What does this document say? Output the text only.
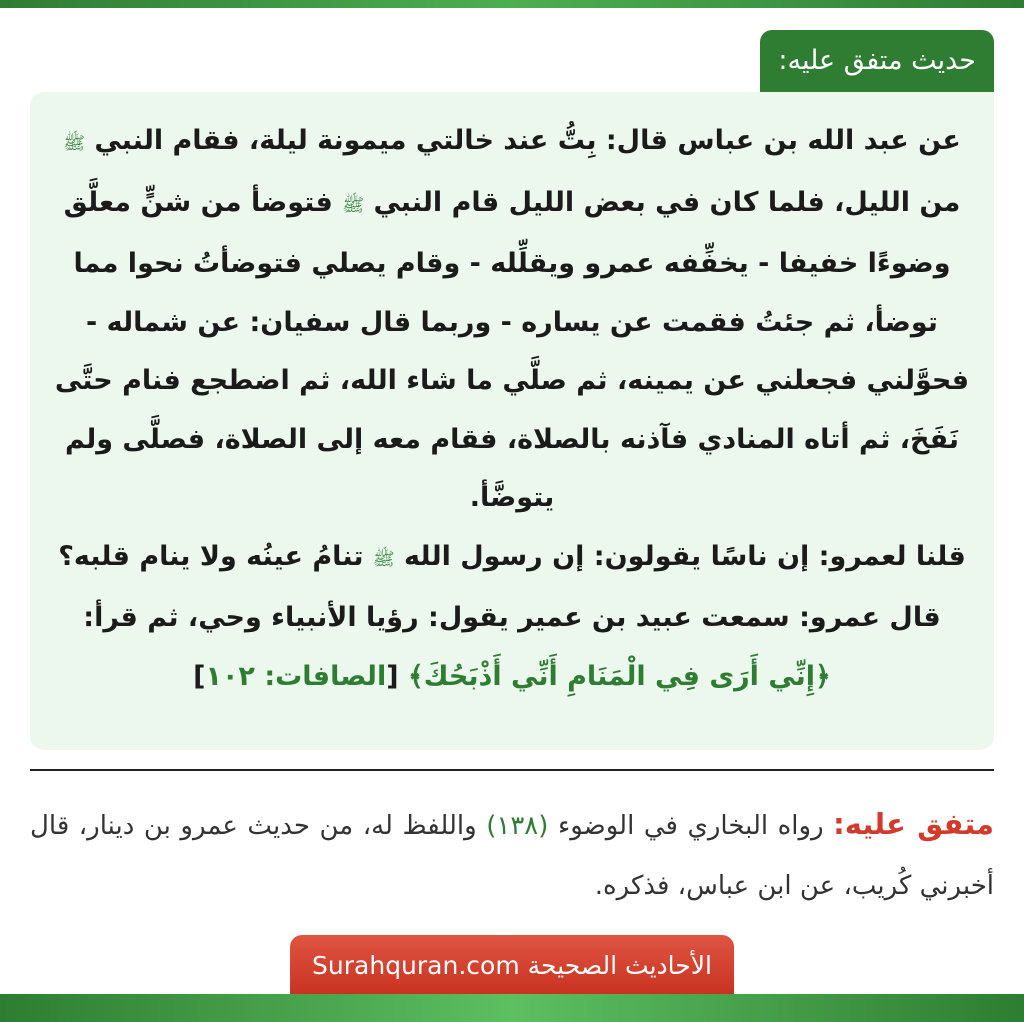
حديث متفق عليه:

عن عبد الله بن عباس قال: بِتُّ عند خالتي ميمونة ليلة، فقام النبي ﷺ من الليل، فلما كان في بعض الليل قام النبي ﷺ فتوضأ من شنٍّ معلَّق وضوءًا خفيفا - يخفِّفه عمرو ويقلِّله - وقام يصلي فتوضأتُ نحوا مما توضأ، ثم جئتُ فقمت عن يساره - وربما قال سفيان: عن شماله - فحوَّلني فجعلني عن يمينه، ثم صلَّي ما شاء الله، ثم اضطجع فنام حتَّى نَفَخَ، ثم أتاه المنادي فآذنه بالصلاة، فقام معه إلى الصلاة، فصلَّى ولم يتوضَّأ.

قلنا لعمرو: إن ناسًا يقولون: إن رسول الله ﷺ تنامُ عينُه ولا ينام قلبه؟ قال عمرو: سمعت عبيد بن عمير يقول: رؤيا الأنبياء وحي، ثم قرأ: ﴿إِنِّي أَرَى فِي الْمَنَامِ أَنِّي أَذْبَحُكَ﴾ [الصافات: ١٠٢]

متفق عليه: رواه البخاري في الوضوء (١٣٨) واللفظ له، من حديث عمرو بن دينار، قال أخبرني كُريب، عن ابن عباس، فذكره.
الأحاديث الصحيحة Surahquran.com
